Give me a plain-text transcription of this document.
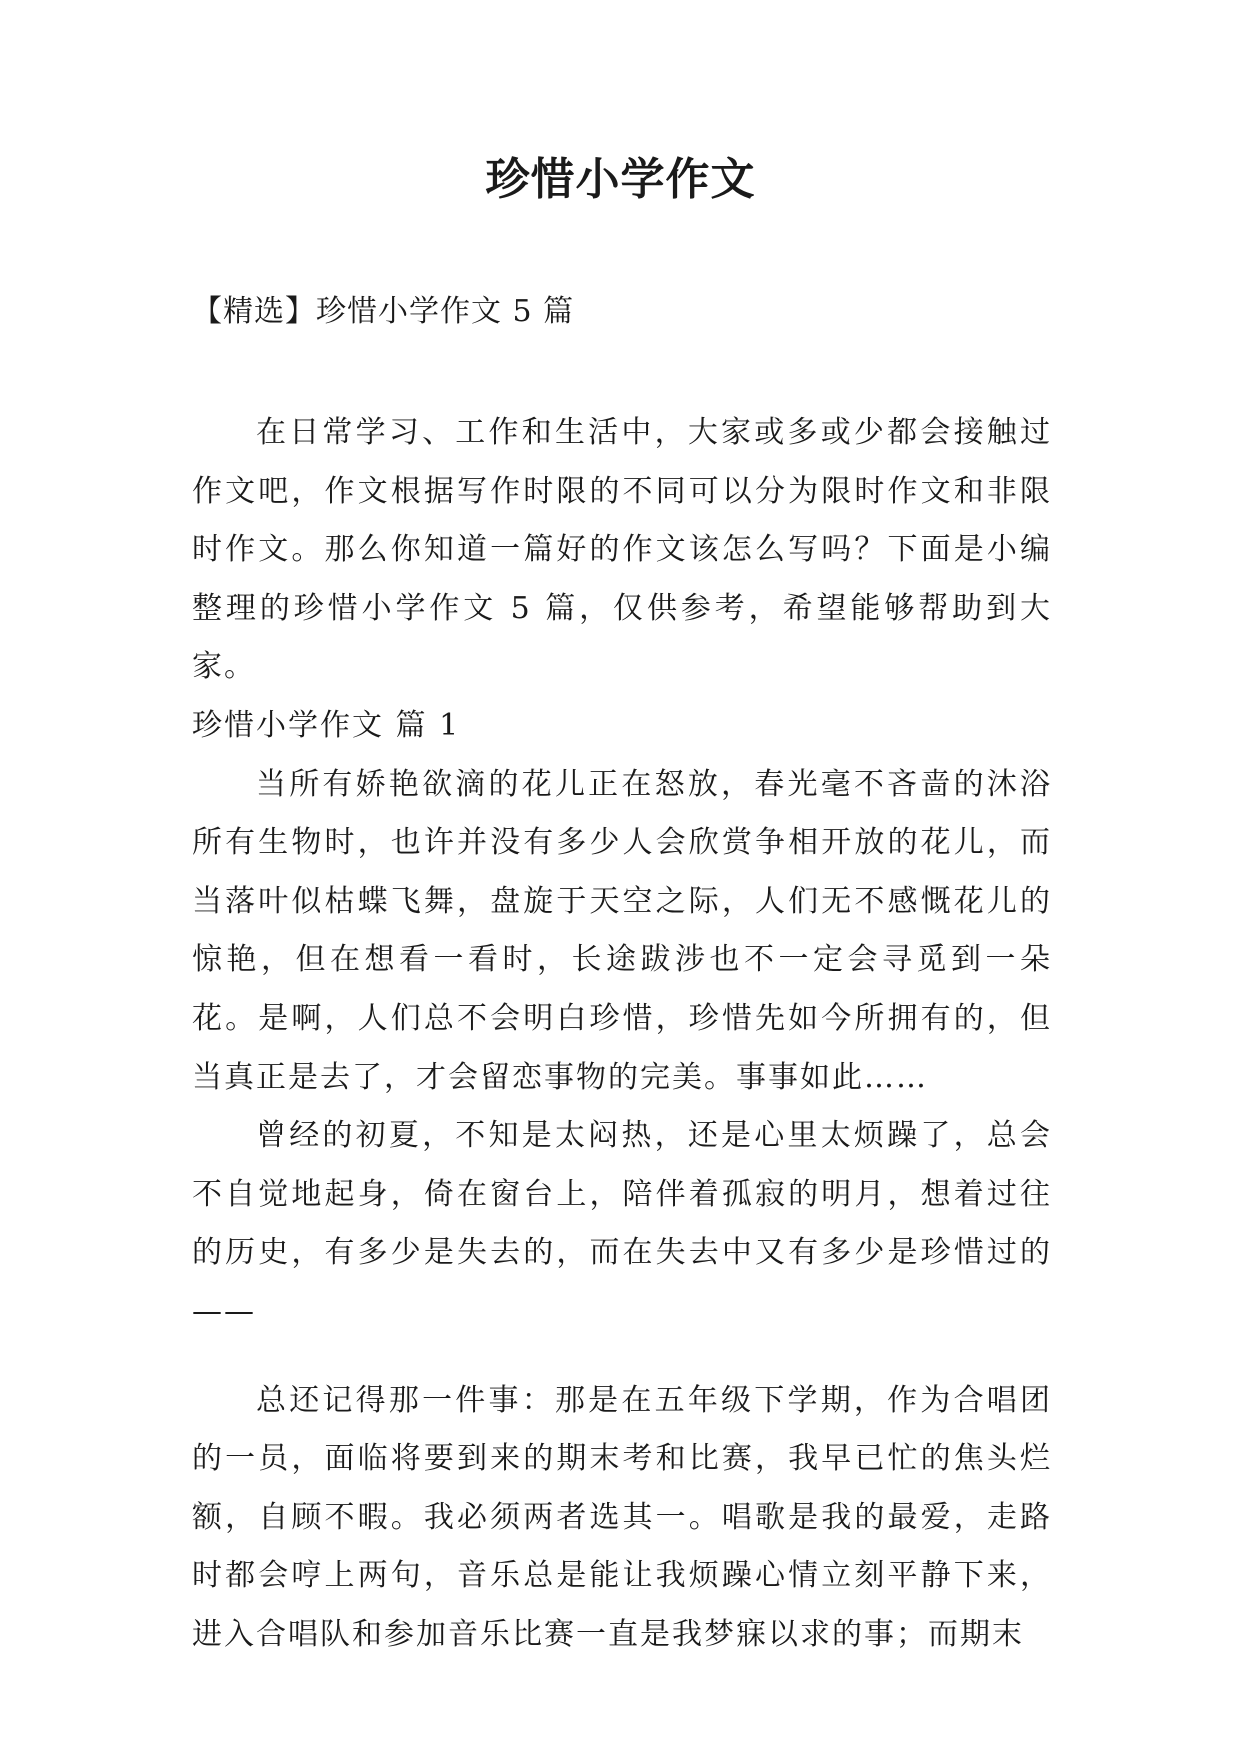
珍惜小学作文

【精选】珍惜小学作文 5 篇

在日常学习、工作和生活中，大家或多或少都会接触过作文吧，作文根据写作时限的不同可以分为限时作文和非限时作文。那么你知道一篇好的作文该怎么写吗？下面是小编整理的珍惜小学作文 5 篇，仅供参考，希望能够帮助到大家。

珍惜小学作文 篇 1

当所有娇艳欲滴的花儿正在怒放，春光毫不吝啬的沐浴所有生物时，也许并没有多少人会欣赏争相开放的花儿，而当落叶似枯蝶飞舞，盘旋于天空之际，人们无不感慨花儿的惊艳，但在想看一看时，长途跋涉也不一定会寻觅到一朵花。是啊，人们总不会明白珍惜，珍惜先如今所拥有的，但当真正是去了，才会留恋事物的完美。事事如此……

曾经的初夏，不知是太闷热，还是心里太烦躁了，总会不自觉地起身，倚在窗台上，陪伴着孤寂的明月，想着过往的历史，有多少是失去的，而在失去中又有多少是珍惜过的——

总还记得那一件事：那是在五年级下学期，作为合唱团的一员，面临将要到来的期末考和比赛，我早已忙的焦头烂额，自顾不暇。我必须两者选其一。唱歌是我的最爱，走路时都会哼上两句，音乐总是能让我烦躁心情立刻平静下来，进入合唱队和参加音乐比赛一直是我梦寐以求的事；而期末
